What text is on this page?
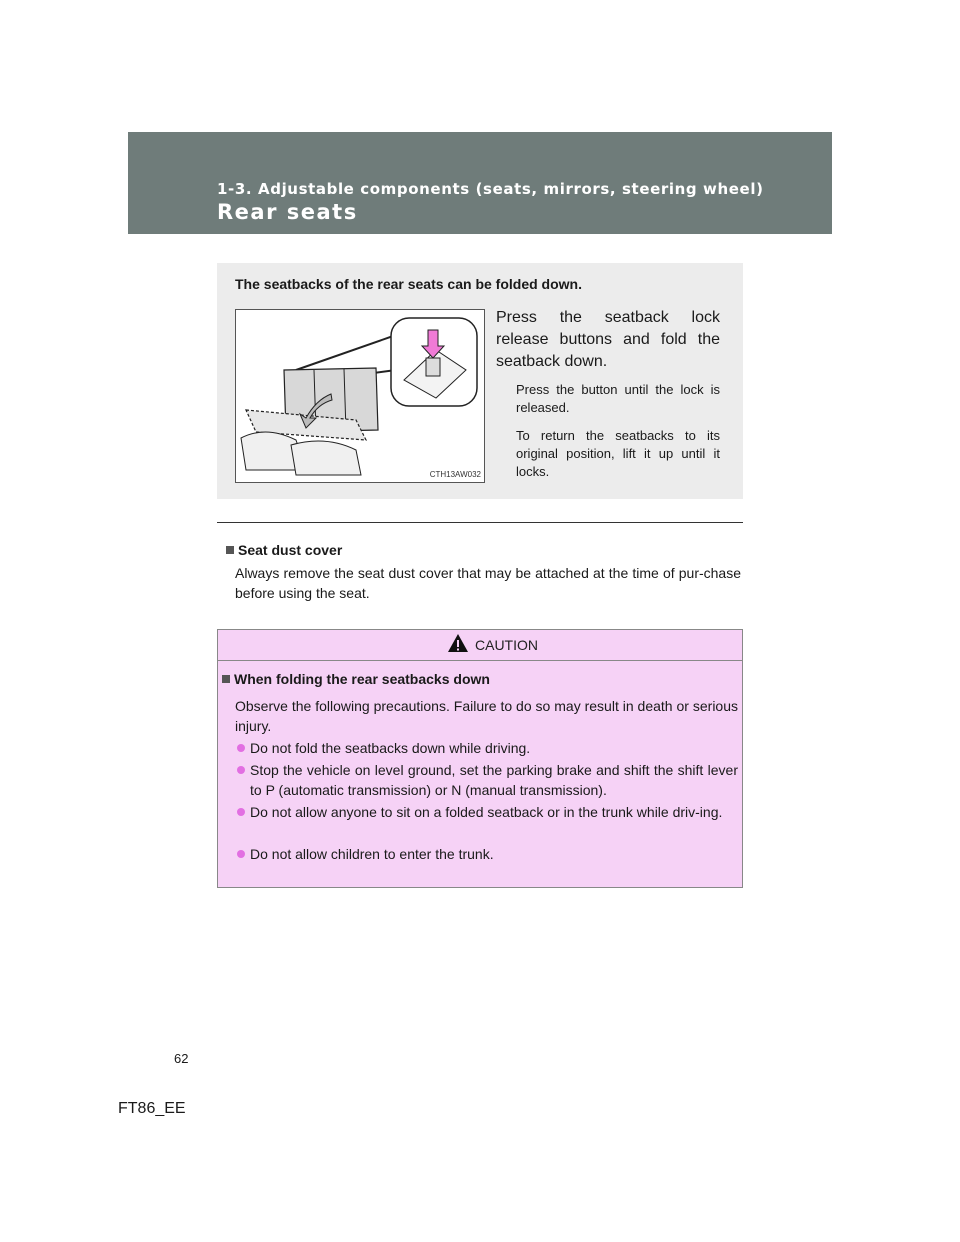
1-3. Adjustable components (seats, mirrors, steering wheel)
Rear seats
The seatbacks of the rear seats can be folded down.
CTH13AW032
Press the seatback lock release buttons and fold the seatback down.
Press the button until the lock is released.
To return the seatbacks to its original position, lift it up until it locks.
Seat dust cover
Always remove the seat dust cover that may be attached at the time of pur-chase before using the seat.
CAUTION
When folding the rear seatbacks down
Observe the following precautions. Failure to do so may result in death or serious injury.
Do not fold the seatbacks down while driving.
Stop the vehicle on level ground, set the parking brake and shift the shift lever to P (automatic transmission) or N (manual transmission).
Do not allow anyone to sit on a folded seatback or in the trunk while driv-ing.
Do not allow children to enter the trunk.
62
FT86_EE
